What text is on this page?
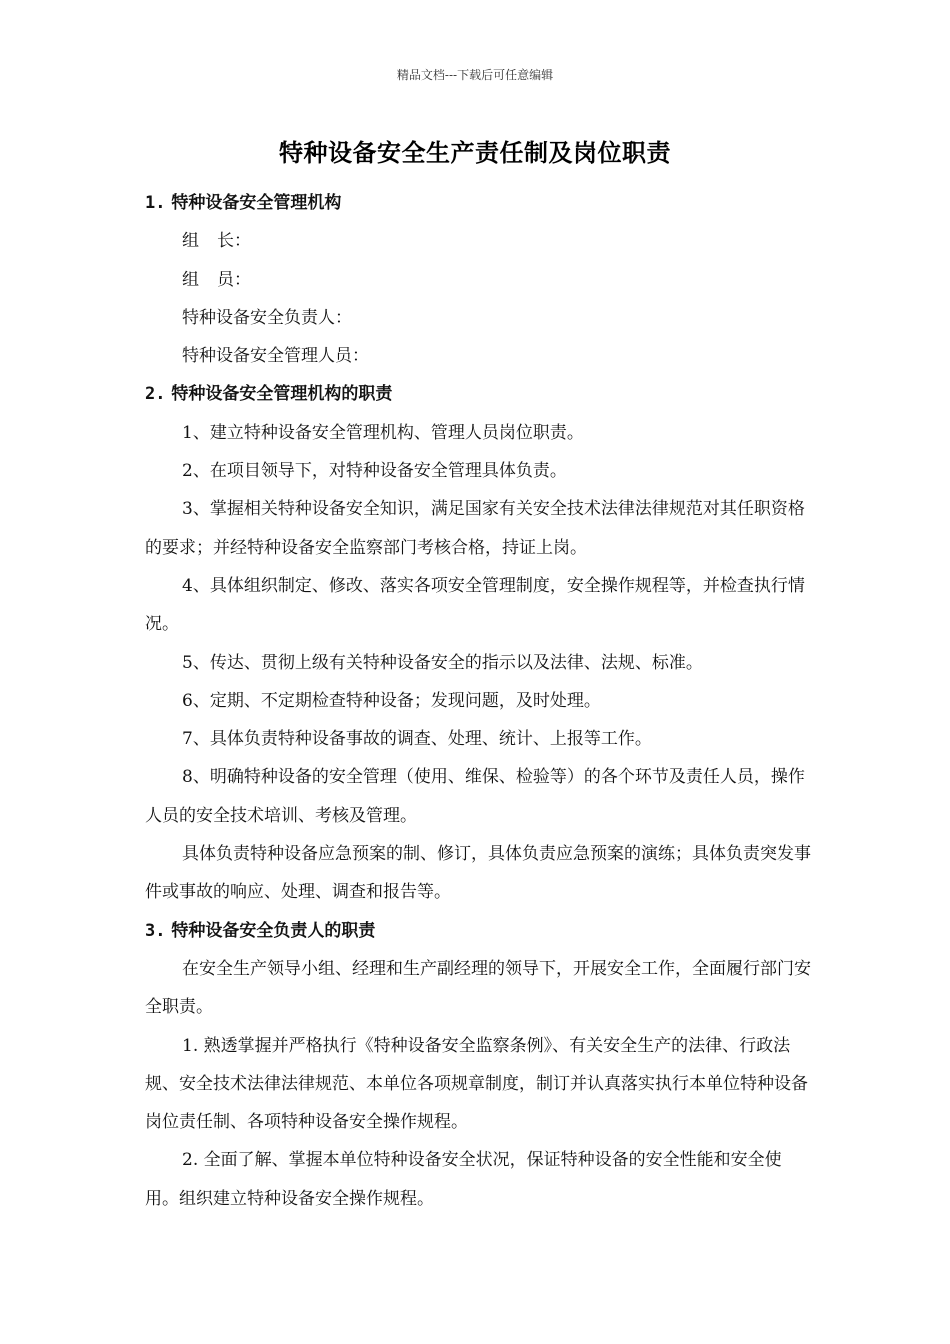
精品文档---下载后可任意编辑
特种设备安全生产责任制及岗位职责
1. 特种设备安全管理机构
组长：
组员：
特种设备安全负责人：
特种设备安全管理人员：
2. 特种设备安全管理机构的职责
1、建立特种设备安全管理机构、管理人员岗位职责。
2、在项目领导下，对特种设备安全管理具体负责。
3、掌握相关特种设备安全知识，满足国家有关安全技术法律法律规范对其任职资格的要求；并经特种设备安全监察部门考核合格，持证上岗。
4、具体组织制定、修改、落实各项安全管理制度，安全操作规程等，并检查执行情况。
5、传达、贯彻上级有关特种设备安全的指示以及法律、法规、标准。
6、定期、不定期检查特种设备；发现问题，及时处理。
7、具体负责特种设备事故的调查、处理、统计、上报等工作。
8、明确特种设备的安全管理（使用、维保、检验等）的各个环节及责任人员，操作人员的安全技术培训、考核及管理。
具体负责特种设备应急预案的制、修订，具体负责应急预案的演练；具体负责突发事件或事故的响应、处理、调查和报告等。
3. 特种设备安全负责人的职责
在安全生产领导小组、经理和生产副经理的领导下，开展安全工作，全面履行部门安全职责。
1. 熟透掌握并严格执行《特种设备安全监察条例》、有关安全生产的法律、行政法规、安全技术法律法律规范、本单位各项规章制度，制订并认真落实执行本单位特种设备岗位责任制、各项特种设备安全操作规程。
2. 全面了解、掌握本单位特种设备安全状况，保证特种设备的安全性能和安全使用。组织建立特种设备安全操作规程。
